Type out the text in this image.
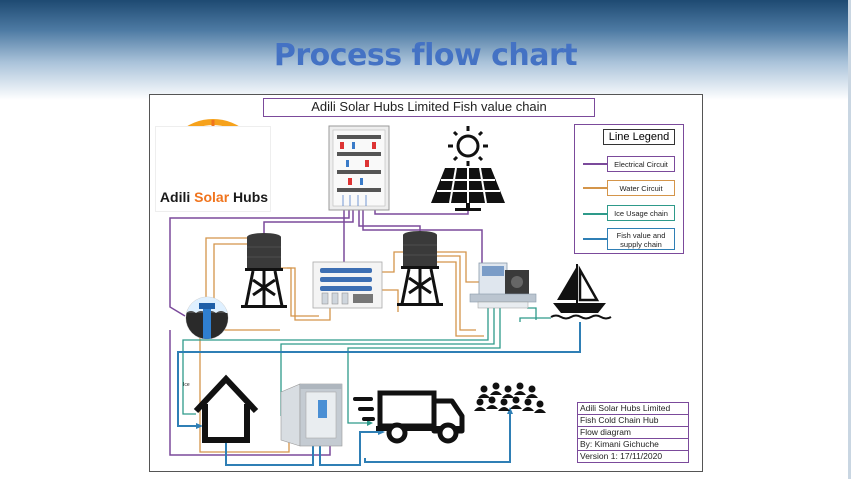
Process flow chart
Adili Solar Hubs Limited Fish value chain
Adili Solar Hubs
Ice
Line Legend
Electrical Circuit
Water Circuit
Ice Usage chain
Fish value and supply chain
Adili Solar Hubs Limited
Fish Cold Chain Hub
Flow diagram
By: Kimani Gichuche
Version 1: 17/11/2020
